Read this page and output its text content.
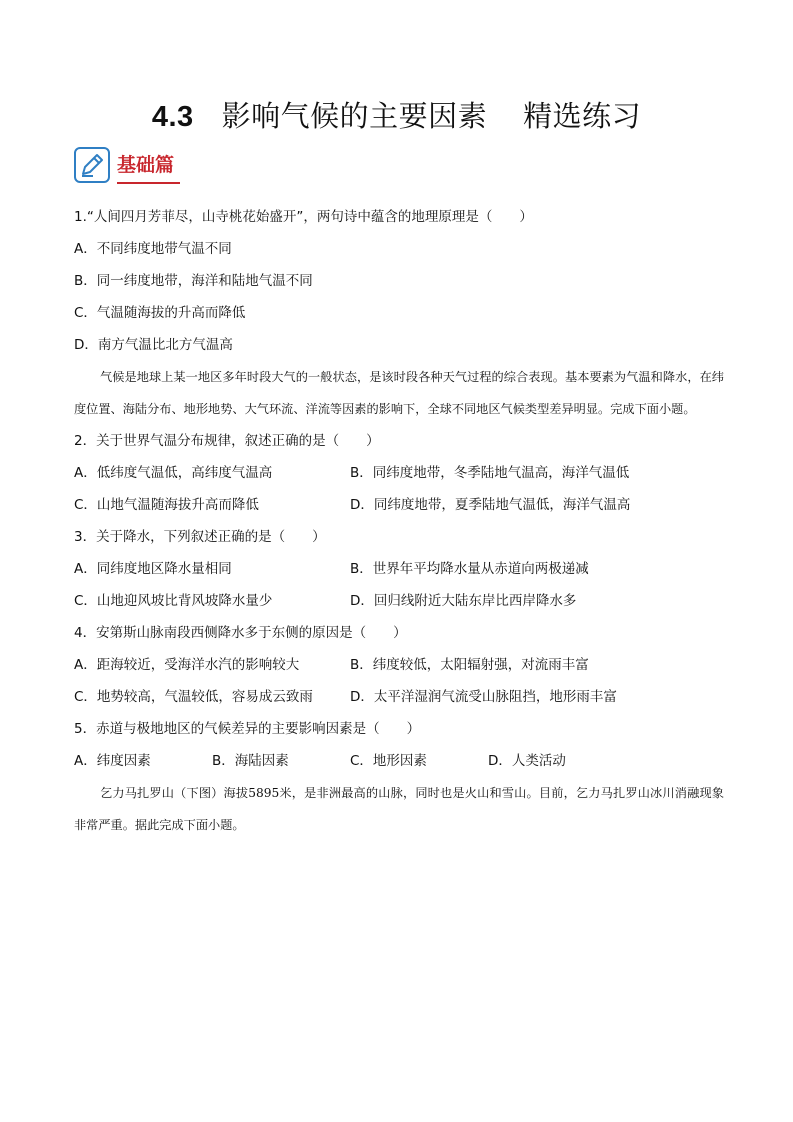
4.3 影响气候的主要因素 精选练习
基础篇
1.“人间四月芳菲尽，山寺桃花始盛开”，两句诗中蕴含的地理原理是（　　）
A．不同纬度地带气温不同
B．同一纬度地带，海洋和陆地气温不同
C．气温随海拔的升高而降低
D．南方气温比北方气温高
气候是地球上某一地区多年时段大气的一般状态，是该时段各种天气过程的综合表现。基本要素为气温和降水，在纬度位置、海陆分布、地形地势、大气环流、洋流等因素的影响下，全球不同地区气候类型差异明显。完成下面小题。
2．关于世界气温分布规律，叙述正确的是（　　）
A．低纬度气温低，高纬度气温高	B．同纬度地带，冬季陆地气温高，海洋气温低
C．山地气温随海拔升高而降低	D．同纬度地带，夏季陆地气温低，海洋气温高
3．关于降水，下列叙述正确的是（　　）
A．同纬度地区降水量相同	B．世界年平均降水量从赤道向两极递减
C．山地迎风坡比背风坡降水量少	D．回归线附近大陆东岸比西岸降水多
4．安第斯山脉南段西侧降水多于东侧的原因是（　　）
A．距海较近，受海洋水汽的影响较大	B．纬度较低，太阳辐射强，对流雨丰富
C．地势较高，气温较低，容易成云致雨	D．太平洋湿润气流受山脉阻挡，地形雨丰富
5．赤道与极地地区的气候差异的主要影响因素是（　　）
A．纬度因素	B．海陆因素	C．地形因素	D．人类活动
乞力马扎罗山（下图）海拔5895米，是非洲最高的山脉，同时也是火山和雪山。目前，乞力马扎罗山冰川消融现象非常严重。据此完成下面小题。
